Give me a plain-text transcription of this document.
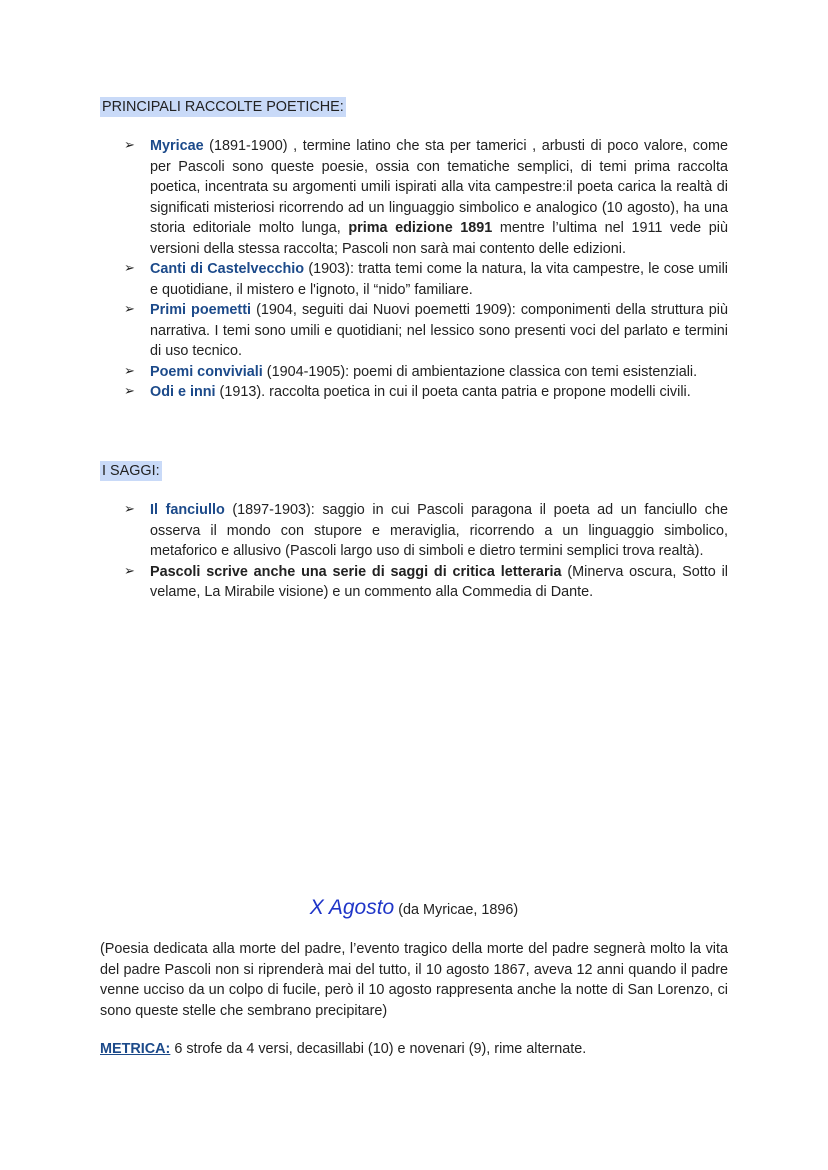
PRINCIPALI RACCOLTE POETICHE:
➢ Myricae (1891-1900) , termine latino che sta per tamerici , arbusti di poco valore, come per Pascoli sono queste poesie, ossia con tematiche semplici, di temi prima raccolta poetica, incentrata su argomenti umili ispirati alla vita campestre:il poeta carica la realtà di significati misteriosi ricorrendo ad un linguaggio simbolico e analogico (10 agosto), ha una storia editoriale molto lunga, prima edizione 1891 mentre l’ultima nel 1911 vede più versioni della stessa raccolta; Pascoli non sarà mai contento delle edizioni.
➢ Canti di Castelvecchio (1903): tratta temi come la natura, la vita campestre, le cose umili e quotidiane, il mistero e l'ignoto, il “nido” familiare.
➢ Primi poemetti (1904, seguiti dai Nuovi poemetti 1909): componimenti della struttura più narrativa. I temi sono umili e quotidiani; nel lessico sono presenti voci del parlato e termini di uso tecnico.
➢ Poemi conviviali (1904-1905): poemi di ambientazione classica con temi esistenziali.
➢ Odi e inni (1913). raccolta poetica in cui il poeta canta patria e propone modelli civili.
I SAGGI:
➢ Il fanciullo (1897-1903): saggio in cui Pascoli paragona il poeta ad un fanciullo che osserva il mondo con stupore e meraviglia, ricorrendo a un linguaggio simbolico, metaforico e allusivo (Pascoli largo uso di simboli e dietro termini semplici trova realtà).
➢ Pascoli scrive anche una serie di saggi di critica letteraria (Minerva oscura, Sotto il velame, La Mirabile visione) e un commento alla Commedia di Dante.
X Agosto (da Myricae, 1896)
(Poesia dedicata alla morte del padre, l’evento tragico della morte del padre segnerà molto la vita del padre Pascoli non si riprenderà mai del tutto, il 10 agosto 1867, aveva 12 anni quando il padre venne ucciso da un colpo di fucile, però il 10 agosto rappresenta anche la notte di San Lorenzo, ci sono queste stelle che sembrano precipitare)
METRICA: 6 strofe da 4 versi, decasillabi (10) e novenari (9), rime alternate.
